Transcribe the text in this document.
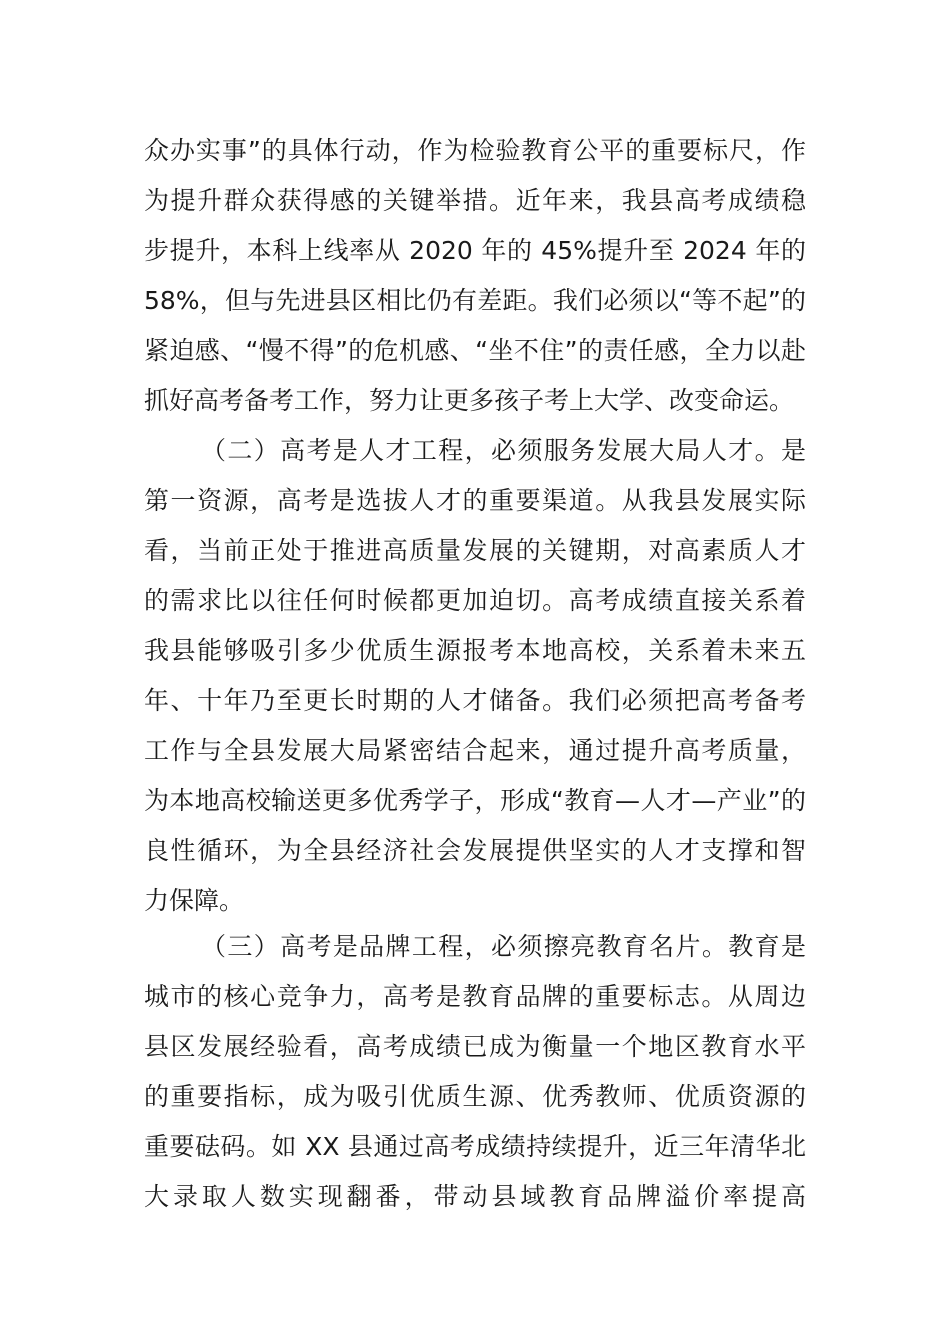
众办实事”的具体行动，作为检验教育公平的重要标尺，作
为提升群众获得感的关键举措。近年来，我县高考成绩稳
步提升，本科上线率从 2020 年的 45%提升至 2024 年的
58%，但与先进县区相比仍有差距。我们必须以“等不起”的
紧迫感、“慢不得”的危机感、“坐不住”的责任感，全力以赴
抓好高考备考工作，努力让更多孩子考上大学、改变命运。
（二）高考是人才工程，必须服务发展大局人才。是
第一资源，高考是选拔人才的重要渠道。从我县发展实际
看，当前正处于推进高质量发展的关键期，对高素质人才
的需求比以往任何时候都更加迫切。高考成绩直接关系着
我县能够吸引多少优质生源报考本地高校，关系着未来五
年、十年乃至更长时期的人才储备。我们必须把高考备考
工作与全县发展大局紧密结合起来，通过提升高考质量，
为本地高校输送更多优秀学子，形成“教育—人才—产业”的
良性循环，为全县经济社会发展提供坚实的人才支撑和智
力保障。
（三）高考是品牌工程，必须擦亮教育名片。教育是
城市的核心竞争力，高考是教育品牌的重要标志。从周边
县区发展经验看，高考成绩已成为衡量一个地区教育水平
的重要指标，成为吸引优质生源、优秀教师、优质资源的
重要砝码。如 XX 县通过高考成绩持续提升，近三年清华北
大录取人数实现翻番，带动县域教育品牌溢价率提高
